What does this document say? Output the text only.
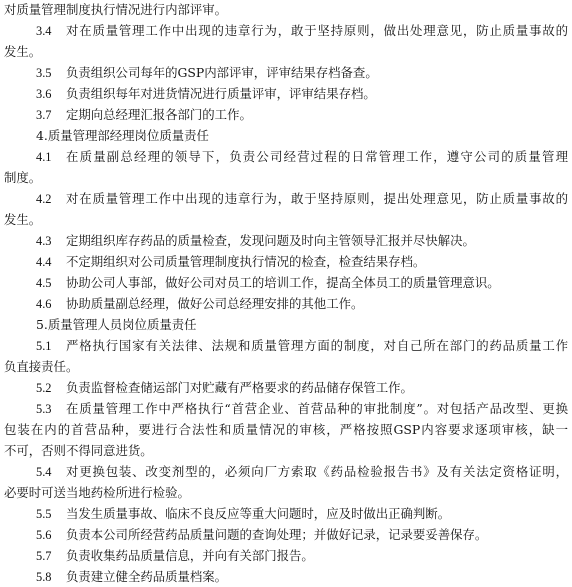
对质量管理制度执行情况进行内部评审。
3.4	对在质量管理工作中出现的违章行为，敢于坚持原则，做出处理意见，防止质量事故的
发生。
3.5	负责组织公司每年的GSP内部评审，评审结果存档备查。
3.6	负责组织每年对进货情况进行质量评审，评审结果存档。
3.7	定期向总经理汇报各部门的工作。
4.质量管理部经理岗位质量责任
4.1	在质量副总经理的领导下，负责公司经营过程的日常管理工作，遵守公司的质量管理
制度。
4.2	对在质量管理工作中出现的违章行为，敢于坚持原则，提出处理意见，防止质量事故的
发生。
4.3	定期组织库存药品的质量检查，发现问题及时向主管领导汇报并尽快解决。
4.4	不定期组织对公司质量管理制度执行情况的检查，检查结果存档。
4.5	协助公司人事部，做好公司对员工的培训工作，提高全体员工的质量管理意识。
4.6	协助质量副总经理，做好公司总经理安排的其他工作。
5.质量管理人员岗位质量责任
5.1	严格执行国家有关法律、法规和质量管理方面的制度，对自己所在部门的药品质量工作
负直接责任。
5.2	负责监督检查储运部门对贮藏有严格要求的药品储存保管工作。
5.3	在质量管理工作中严格执行“首营企业、首营品种的审批制度”。对包括产品改型、更换
包装在内的首营品种，要进行合法性和质量情况的审核，严格按照GSP内容要求逐项审核，缺一
不可，否则不得同意进货。
5.4	对更换包装、改变剂型的，必须向厂方索取《药品检验报告书》及有关法定资格证明，
必要时可送当地药检所进行检验。
5.5	当发生质量事故、临床不良反应等重大问题时，应及时做出正确判断。
5.6	负责本公司所经营药品质量问题的查询处理；并做好记录，记录要妥善保存。
5.7	负责收集药品质量信息，并向有关部门报告。
5.8	负责建立健全药品质量档案。
